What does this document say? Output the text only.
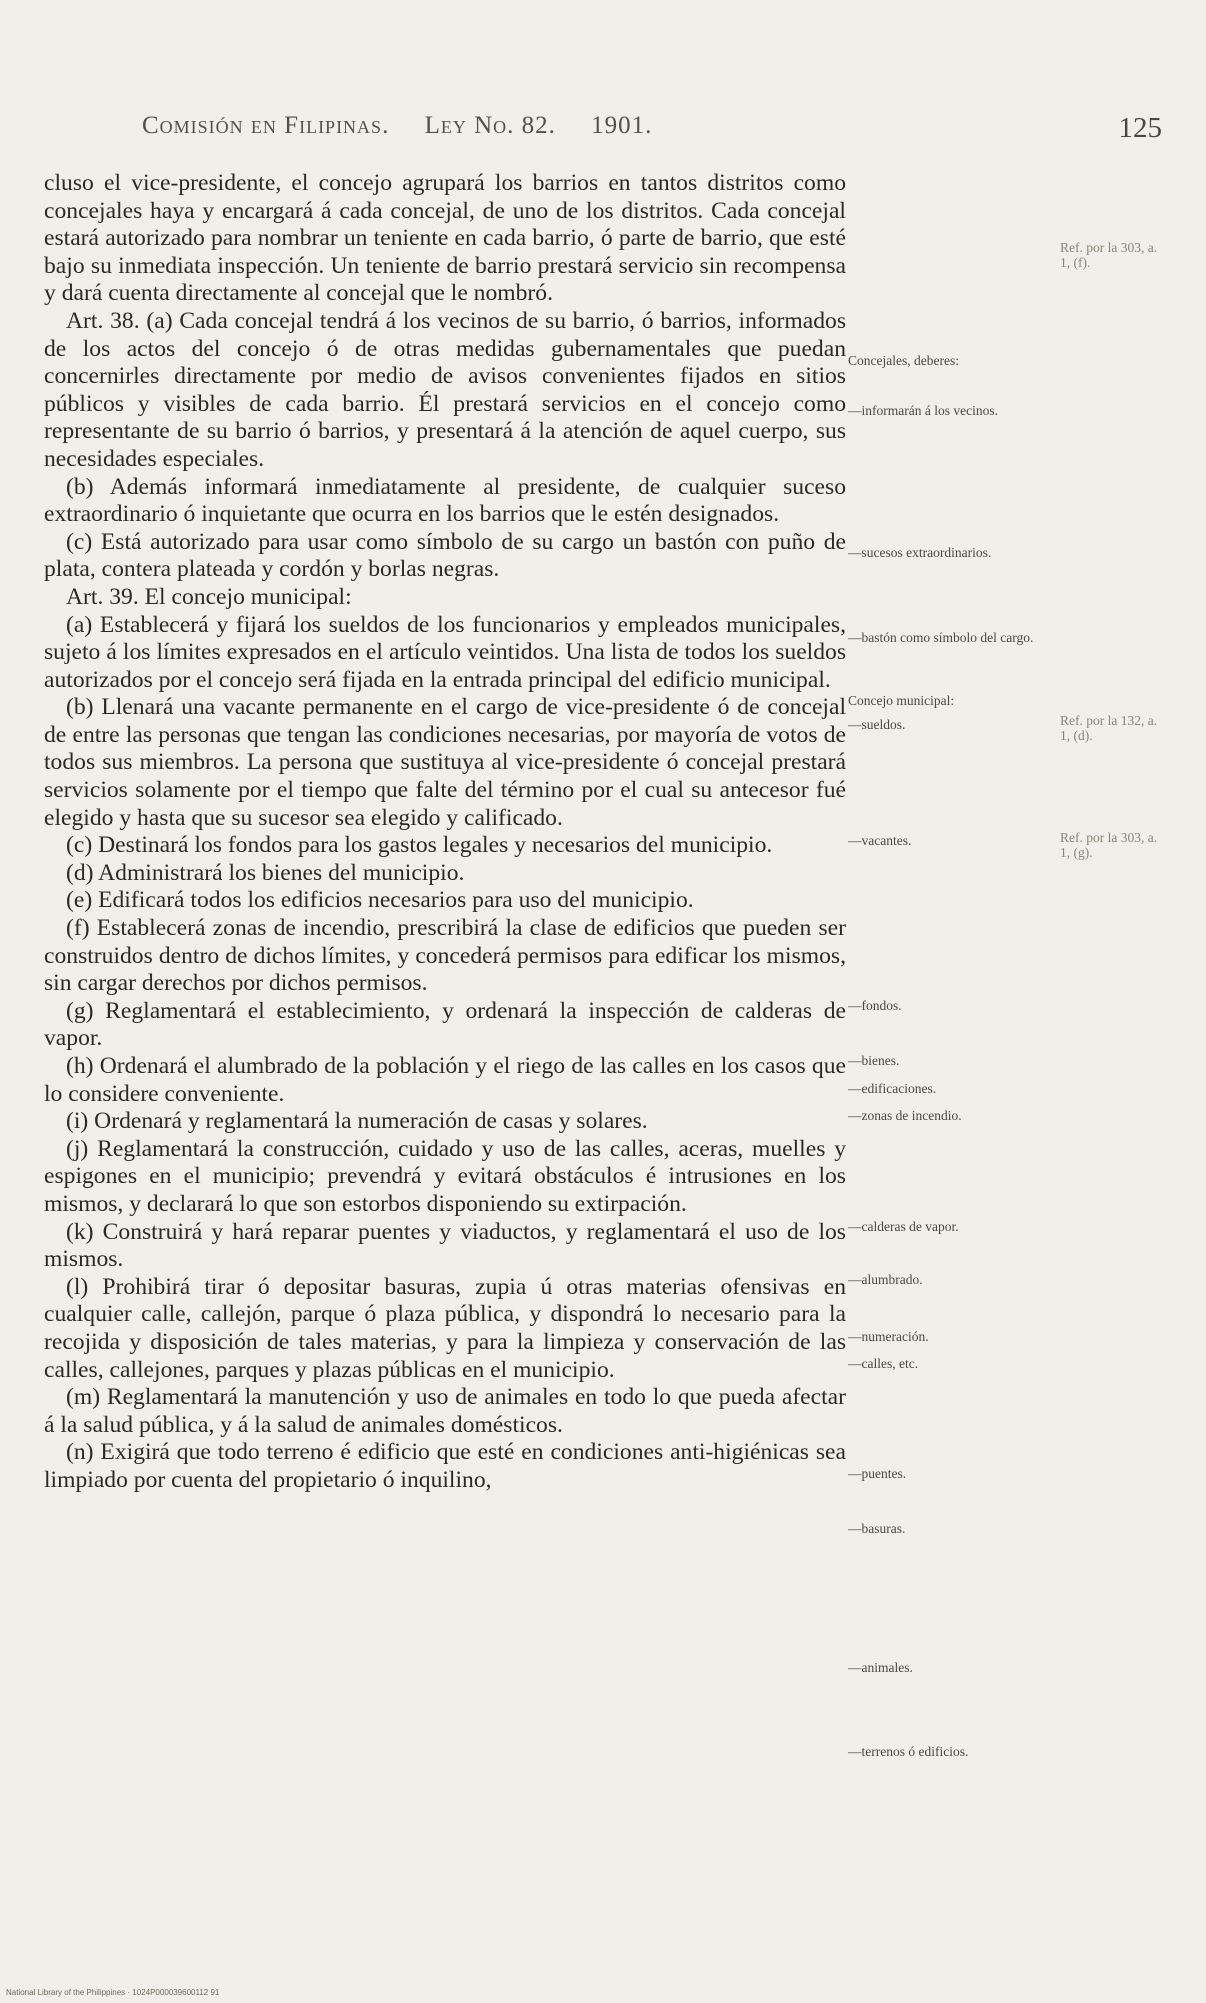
Comisión en Filipinas. Ley No. 82. 1901.	125

cluso el vice-presidente, el concejo agrupará los barrios en tantos distritos como concejales haya y encargará á cada concejal, de uno de los distritos. Cada concejal estará autorizado para nombrar un teniente en cada barrio, ó parte de barrio, que esté bajo su inmediata inspección. Un teniente de barrio prestará servicio sin recompensa y dará cuenta directamente al concejal que le nombró.

Art. 38. (a) Cada concejal tendrá á los vecinos de su barrio, ó barrios, informados de los actos del concejo ó de otras medidas gubernamentales que puedan concernirles directamente por medio de avisos convenientes fijados en sitios públicos y visibles de cada barrio. Él prestará servicios en el concejo como representante de su barrio ó barrios, y presentará á la atención de aquel cuerpo, sus necesidades especiales.

(b) Además informará inmediatamente al presidente, de cualquier suceso extraordinario ó inquietante que ocurra en los barrios que le estén designados.

(c) Está autorizado para usar como símbolo de su cargo un bastón con puño de plata, contera plateada y cordón y borlas negras.

Art. 39. El concejo municipal:

(a) Establecerá y fijará los sueldos de los funcionarios y empleados municipales, sujeto á los límites expresados en el artículo veintidos. Una lista de todos los sueldos autorizados por el concejo será fijada en la entrada principal del edificio municipal.

(b) Llenará una vacante permanente en el cargo de vice-presidente ó de concejal de entre las personas que tengan las condiciones necesarias, por mayoría de votos de todos sus miembros. La persona que sustituya al vice-presidente ó concejal prestará servicios solamente por el tiempo que falte del término por el cual su antecesor fué elegido y hasta que su sucesor sea elegido y calificado.

(c) Destinará los fondos para los gastos legales y necesarios del municipio.

(d) Administrará los bienes del municipio.

(e) Edificará todos los edificios necesarios para uso del municipio.

(f) Establecerá zonas de incendio, prescribirá la clase de edificios que pueden ser construidos dentro de dichos límites, y concederá permisos para edificar los mismos, sin cargar derechos por dichos permisos.

(g) Reglamentará el establecimiento, y ordenará la inspección de calderas de vapor.

(h) Ordenará el alumbrado de la población y el riego de las calles en los casos que lo considere conveniente.

(i) Ordenará y reglamentará la numeración de casas y solares.

(j) Reglamentará la construcción, cuidado y uso de las calles, aceras, muelles y espigones en el municipio; prevendrá y evitará obstáculos é intrusiones en los mismos, y declarará lo que son estorbos disponiendo su extirpación.

(k) Construirá y hará reparar puentes y viaductos, y reglamentará el uso de los mismos.

(l) Prohibirá tirar ó depositar basuras, zupia ú otras materias ofensivas en cualquier calle, callejón, parque ó plaza pública, y dispondrá lo necesario para la recojida y disposición de tales materias, y para la limpieza y conservación de las calles, callejones, parques y plazas públicas en el municipio.

(m) Reglamentará la manutención y uso de animales en todo lo que pueda afectar á la salud pública, y á la salud de animales domésticos.

(n) Exigirá que todo terreno é edificio que esté en condiciones anti-higiénicas sea limpiado por cuenta del propietario ó inquilino,

Concejales, deberes:
—informarán á los vecinos.
—sucesos extraordinarios.
—bastón como símbolo del cargo.
Concejo municipal:
—sueldos.
—vacantes.
—fondos.
—bienes.
—edificaciones.
—zonas de incendio.
—calderas de vapor.
—alumbrado.
—numeración.
—calles, etc.
—puentes.
—basuras.
—animales.
—terrenos ó edificios.
Ref. por la 303, a. 1, (f).
Ref. por la 132, a. 1, (d).
Ref. por la 303, a. 1, (g).
National Library of the Philippines · 1024P000039600112 91
